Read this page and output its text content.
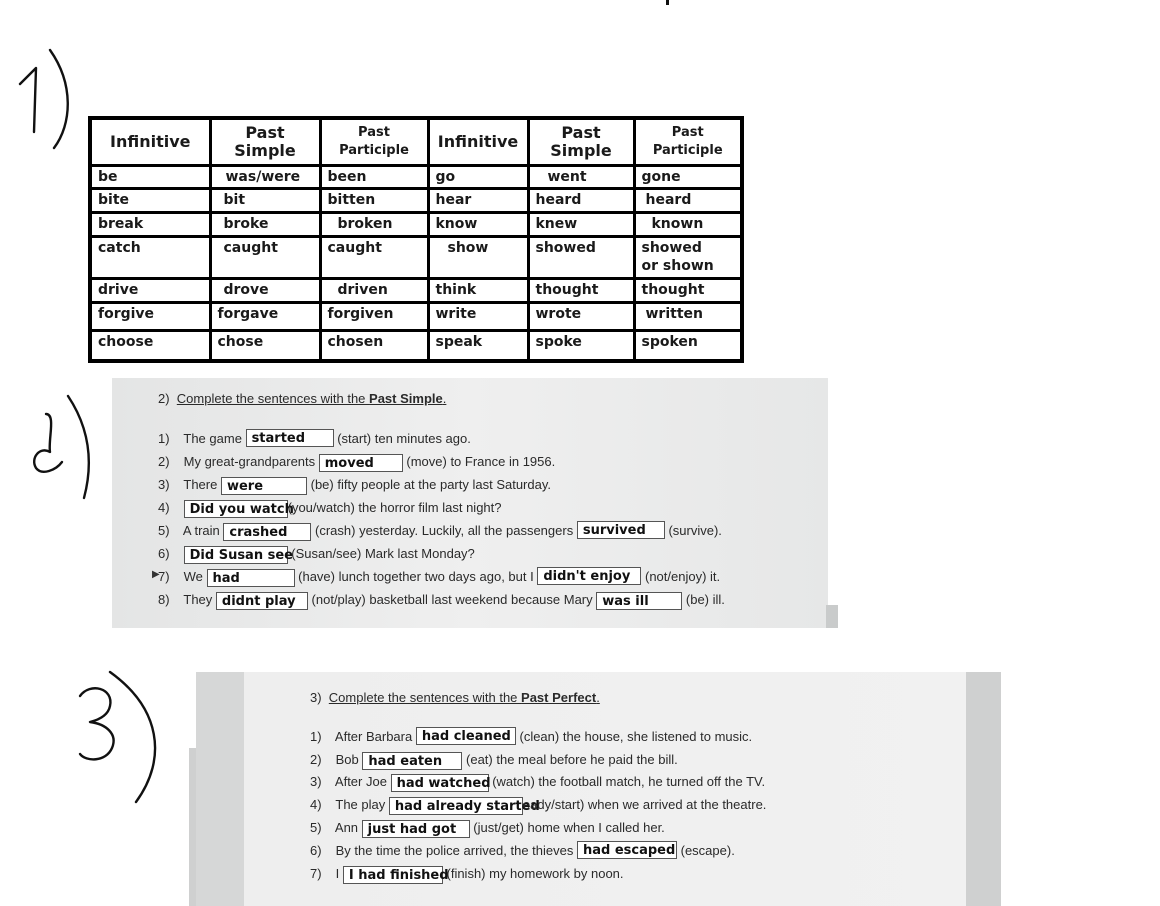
1)
Infinitive	Past Simple	Past Participle	Infinitive	Past Simple	Past Participle
be	was/were	been	go	went	gone
bite	bit	bitten	hear	heard	heard
break	broke	broken	know	knew	known
catch	caught	caught	show	showed	showed
or shown
drive	drove	driven	think	thought	thought
forgive	forgave	forgiven	write	wrote	written
choose	chose	chosen	speak	spoke	spoken
2) Complete the sentences with the Past Simple.
1) The game started (start) ten minutes ago.
2) My great-grandparents moved	(move) to France in 1956.
3) There were	(be) fifty people at the party last Saturday.
4) Did you watch(you/watch) the horror film last night?
5) A train crashed (crash) yesterday. Luckily, all the passengers survived (survive).
6) Did Susan see (Susan/see) Mark last Monday?
7) We had	(have) lunch together two days ago, but I didn't enjoy (not/enjoy) it.
8) They didnt play (not/play) basketball last weekend because Mary was ill	(be) ill.
▶
3) Complete the sentences with the Past Perfect.
1) After Barbara had cleaned (clean) the house, she listened to music.
2) Bob had eaten (eat) the meal before he paid the bill.
3) After Joe had watched (watch) the football match, he turned off the TV.
4) The play had already startedeady/start) when we arrived at the theatre.
5) Ann just had got (just/get) home when I called her.
6) By the time the police arrived, the thieves had escaped (escape).
7) I I had finished (finish) my homework by noon.
